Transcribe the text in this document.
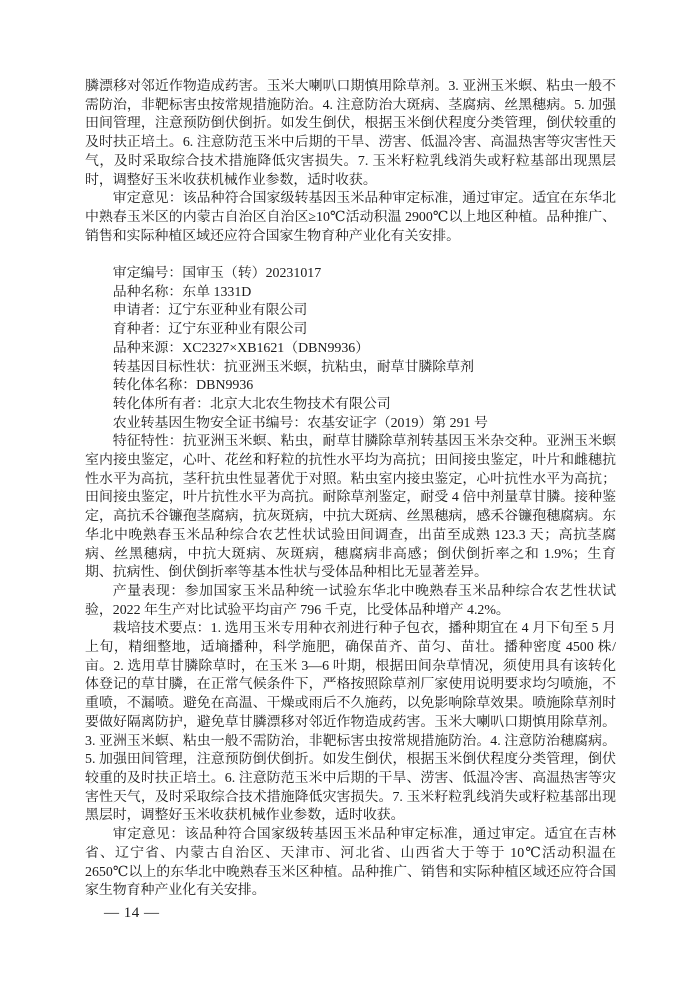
膦漂移对邻近作物造成药害。玉米大喇叭口期慎用除草剂。3. 亚洲玉米螟、粘虫一般不需防治，非靶标害虫按常规措施防治。4. 注意防治大斑病、茎腐病、丝黑穗病。5. 加强田间管理，注意预防倒伏倒折。如发生倒伏，根据玉米倒伏程度分类管理，倒伏较重的及时扶正培土。6. 注意防范玉米中后期的干旱、涝害、低温冷害、高温热害等灾害性天气，及时采取综合技术措施降低灾害损失。7. 玉米籽粒乳线消失或籽粒基部出现黑层时，调整好玉米收获机械作业参数，适时收获。

审定意见：该品种符合国家级转基因玉米品种审定标准，通过审定。适宜在东华北中熟春玉米区的内蒙古自治区自治区≥10℃活动积温 2900℃以上地区种植。品种推广、销售和实际种植区域还应符合国家生物育种产业化有关安排。

审定编号：国审玉（转）20231017

品种名称：东单 1331D

申请者：辽宁东亚种业有限公司

育种者：辽宁东亚种业有限公司

品种来源：XC2327×XB1621（DBN9936）

转基因目标性状：抗亚洲玉米螟，抗粘虫，耐草甘膦除草剂

转化体名称：DBN9936

转化体所有者：北京大北农生物技术有限公司

农业转基因生物安全证书编号：农基安证字（2019）第 291 号

特征特性：抗亚洲玉米螟、粘虫，耐草甘膦除草剂转基因玉米杂交种。亚洲玉米螟室内接虫鉴定，心叶、花丝和籽粒的抗性水平均为高抗；田间接虫鉴定，叶片和雌穗抗性水平为高抗，茎秆抗虫性显著优于对照。粘虫室内接虫鉴定，心叶抗性水平为高抗；田间接虫鉴定，叶片抗性水平为高抗。耐除草剂鉴定，耐受 4 倍中剂量草甘膦。接种鉴定，高抗禾谷镰孢茎腐病，抗灰斑病，中抗大斑病、丝黑穗病，感禾谷镰孢穗腐病。东华北中晚熟春玉米品种综合农艺性状试验田间调查，出苗至成熟 123.3 天；高抗茎腐病、丝黑穗病，中抗大斑病、灰斑病，穗腐病非高感；倒伏倒折率之和 1.9%；生育期、抗病性、倒伏倒折率等基本性状与受体品种相比无显著差异。

产量表现：参加国家玉米品种统一试验东华北中晚熟春玉米品种综合农艺性状试验，2022 年生产对比试验平均亩产 796 千克，比受体品种增产 4.2%。

栽培技术要点：1. 选用玉米专用种衣剂进行种子包衣，播种期宜在 4 月下旬至 5 月上旬，精细整地，适墒播种，科学施肥，确保苗齐、苗匀、苗壮。播种密度 4500 株/亩。2. 选用草甘膦除草时，在玉米 3—6 叶期，根据田间杂草情况，须使用具有该转化体登记的草甘膦，在正常气候条件下，严格按照除草剂厂家使用说明要求均匀喷施，不重喷，不漏喷。避免在高温、干燥或雨后不久施药，以免影响除草效果。喷施除草剂时要做好隔离防护，避免草甘膦漂移对邻近作物造成药害。玉米大喇叭口期慎用除草剂。3. 亚洲玉米螟、粘虫一般不需防治，非靶标害虫按常规措施防治。4. 注意防治穗腐病。5. 加强田间管理，注意预防倒伏倒折。如发生倒伏，根据玉米倒伏程度分类管理，倒伏较重的及时扶正培土。6. 注意防范玉米中后期的干旱、涝害、低温冷害、高温热害等灾害性天气，及时采取综合技术措施降低灾害损失。7. 玉米籽粒乳线消失或籽粒基部出现黑层时，调整好玉米收获机械作业参数，适时收获。

审定意见：该品种符合国家级转基因玉米品种审定标准，通过审定。适宜在吉林省、辽宁省、内蒙古自治区、天津市、河北省、山西省大于等于 10℃活动积温在 2650℃以上的东华北中晚熟春玉米区种植。品种推广、销售和实际种植区域还应符合国家生物育种产业化有关安排。

— 14 —
